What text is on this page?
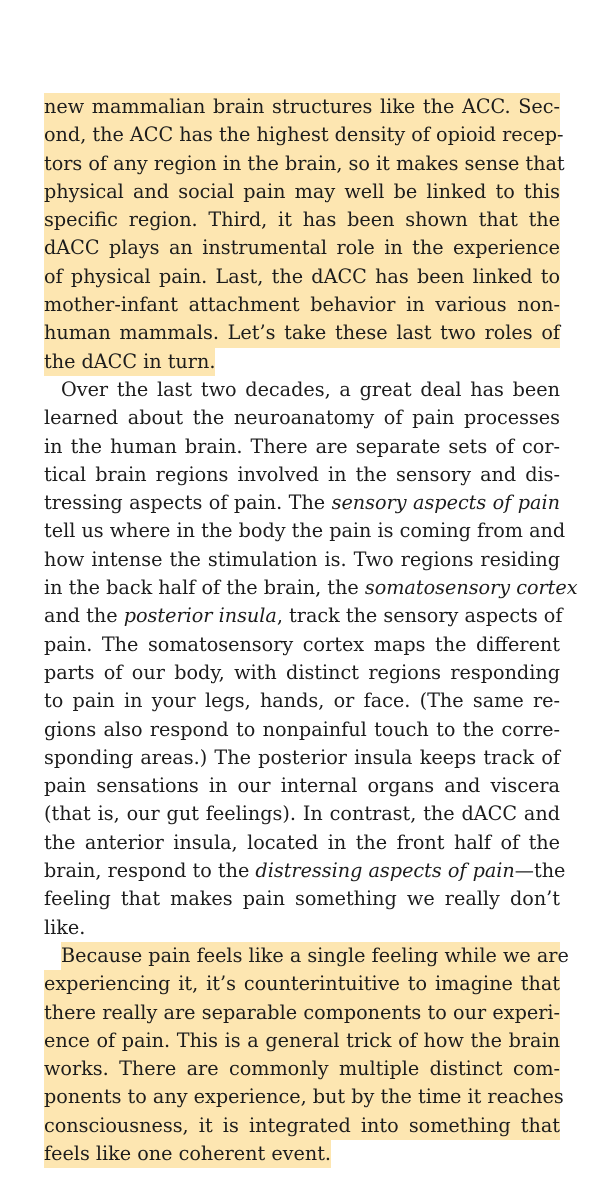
new mammalian brain structures like the ACC. Sec-
ond, the ACC has the highest density of opioid recep-
tors of any region in the brain, so it makes sense that
physical and social pain may well be linked to this
specific region. Third, it has been shown that the
dACC plays an instrumental role in the experience
of physical pain. Last, the dACC has been linked to
mother-infant attachment behavior in various non-
human mammals. Let’s take these last two roles of
the dACC in turn.
Over the last two decades, a great deal has been
learned about the neuroanatomy of pain processes
in the human brain. There are separate sets of cor-
tical brain regions involved in the sensory and dis-
tressing aspects of pain. The sensory aspects of pain
tell us where in the body the pain is coming from and
how intense the stimulation is. Two regions residing
in the back half of the brain, the somatosensory cortex
and the posterior insula, track the sensory aspects of
pain. The somatosensory cortex maps the different
parts of our body, with distinct regions responding
to pain in your legs, hands, or face. (The same re-
gions also respond to nonpainful touch to the corre-
sponding areas.) The posterior insula keeps track of
pain sensations in our internal organs and viscera
(that is, our gut feelings). In contrast, the dACC and
the anterior insula, located in the front half of the
brain, respond to the distressing aspects of pain—the
feeling that makes pain something we really don’t
like.
Because pain feels like a single feeling while we are
experiencing it, it’s counterintuitive to imagine that
there really are separable components to our experi-
ence of pain. This is a general trick of how the brain
works. There are commonly multiple distinct com-
ponents to any experience, but by the time it reaches
consciousness, it is integrated into something that
feels like one coherent event.
